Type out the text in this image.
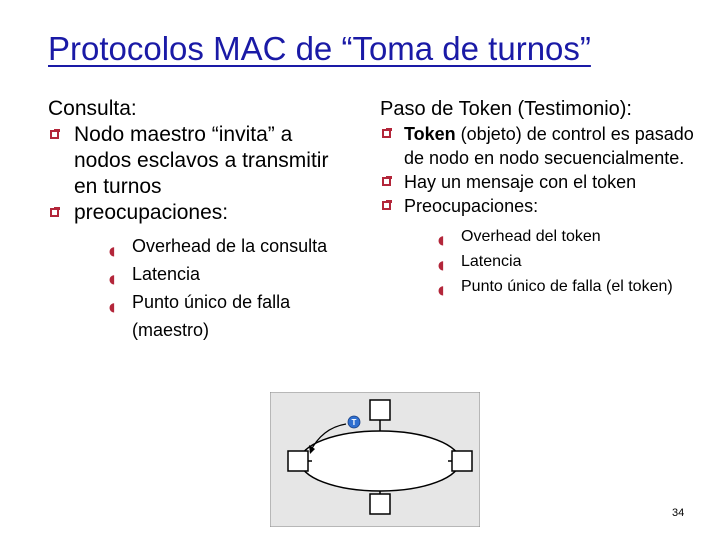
Protocolos MAC de “Toma de turnos”
Consulta:
Nodo maestro “invita” a nodos esclavos a transmitir en turnos
preocupaciones:
◖ Overhead de la consulta
◖ Latencia
◖ Punto único de falla (maestro)
Paso de Token (Testimonio):
Token (objeto) de control es pasado de nodo en nodo secuencialmente.
Hay un mensaje con el token
Preocupaciones:
◖ Overhead del token
◖ Latencia
◖ Punto único de falla (el token)
T
34
